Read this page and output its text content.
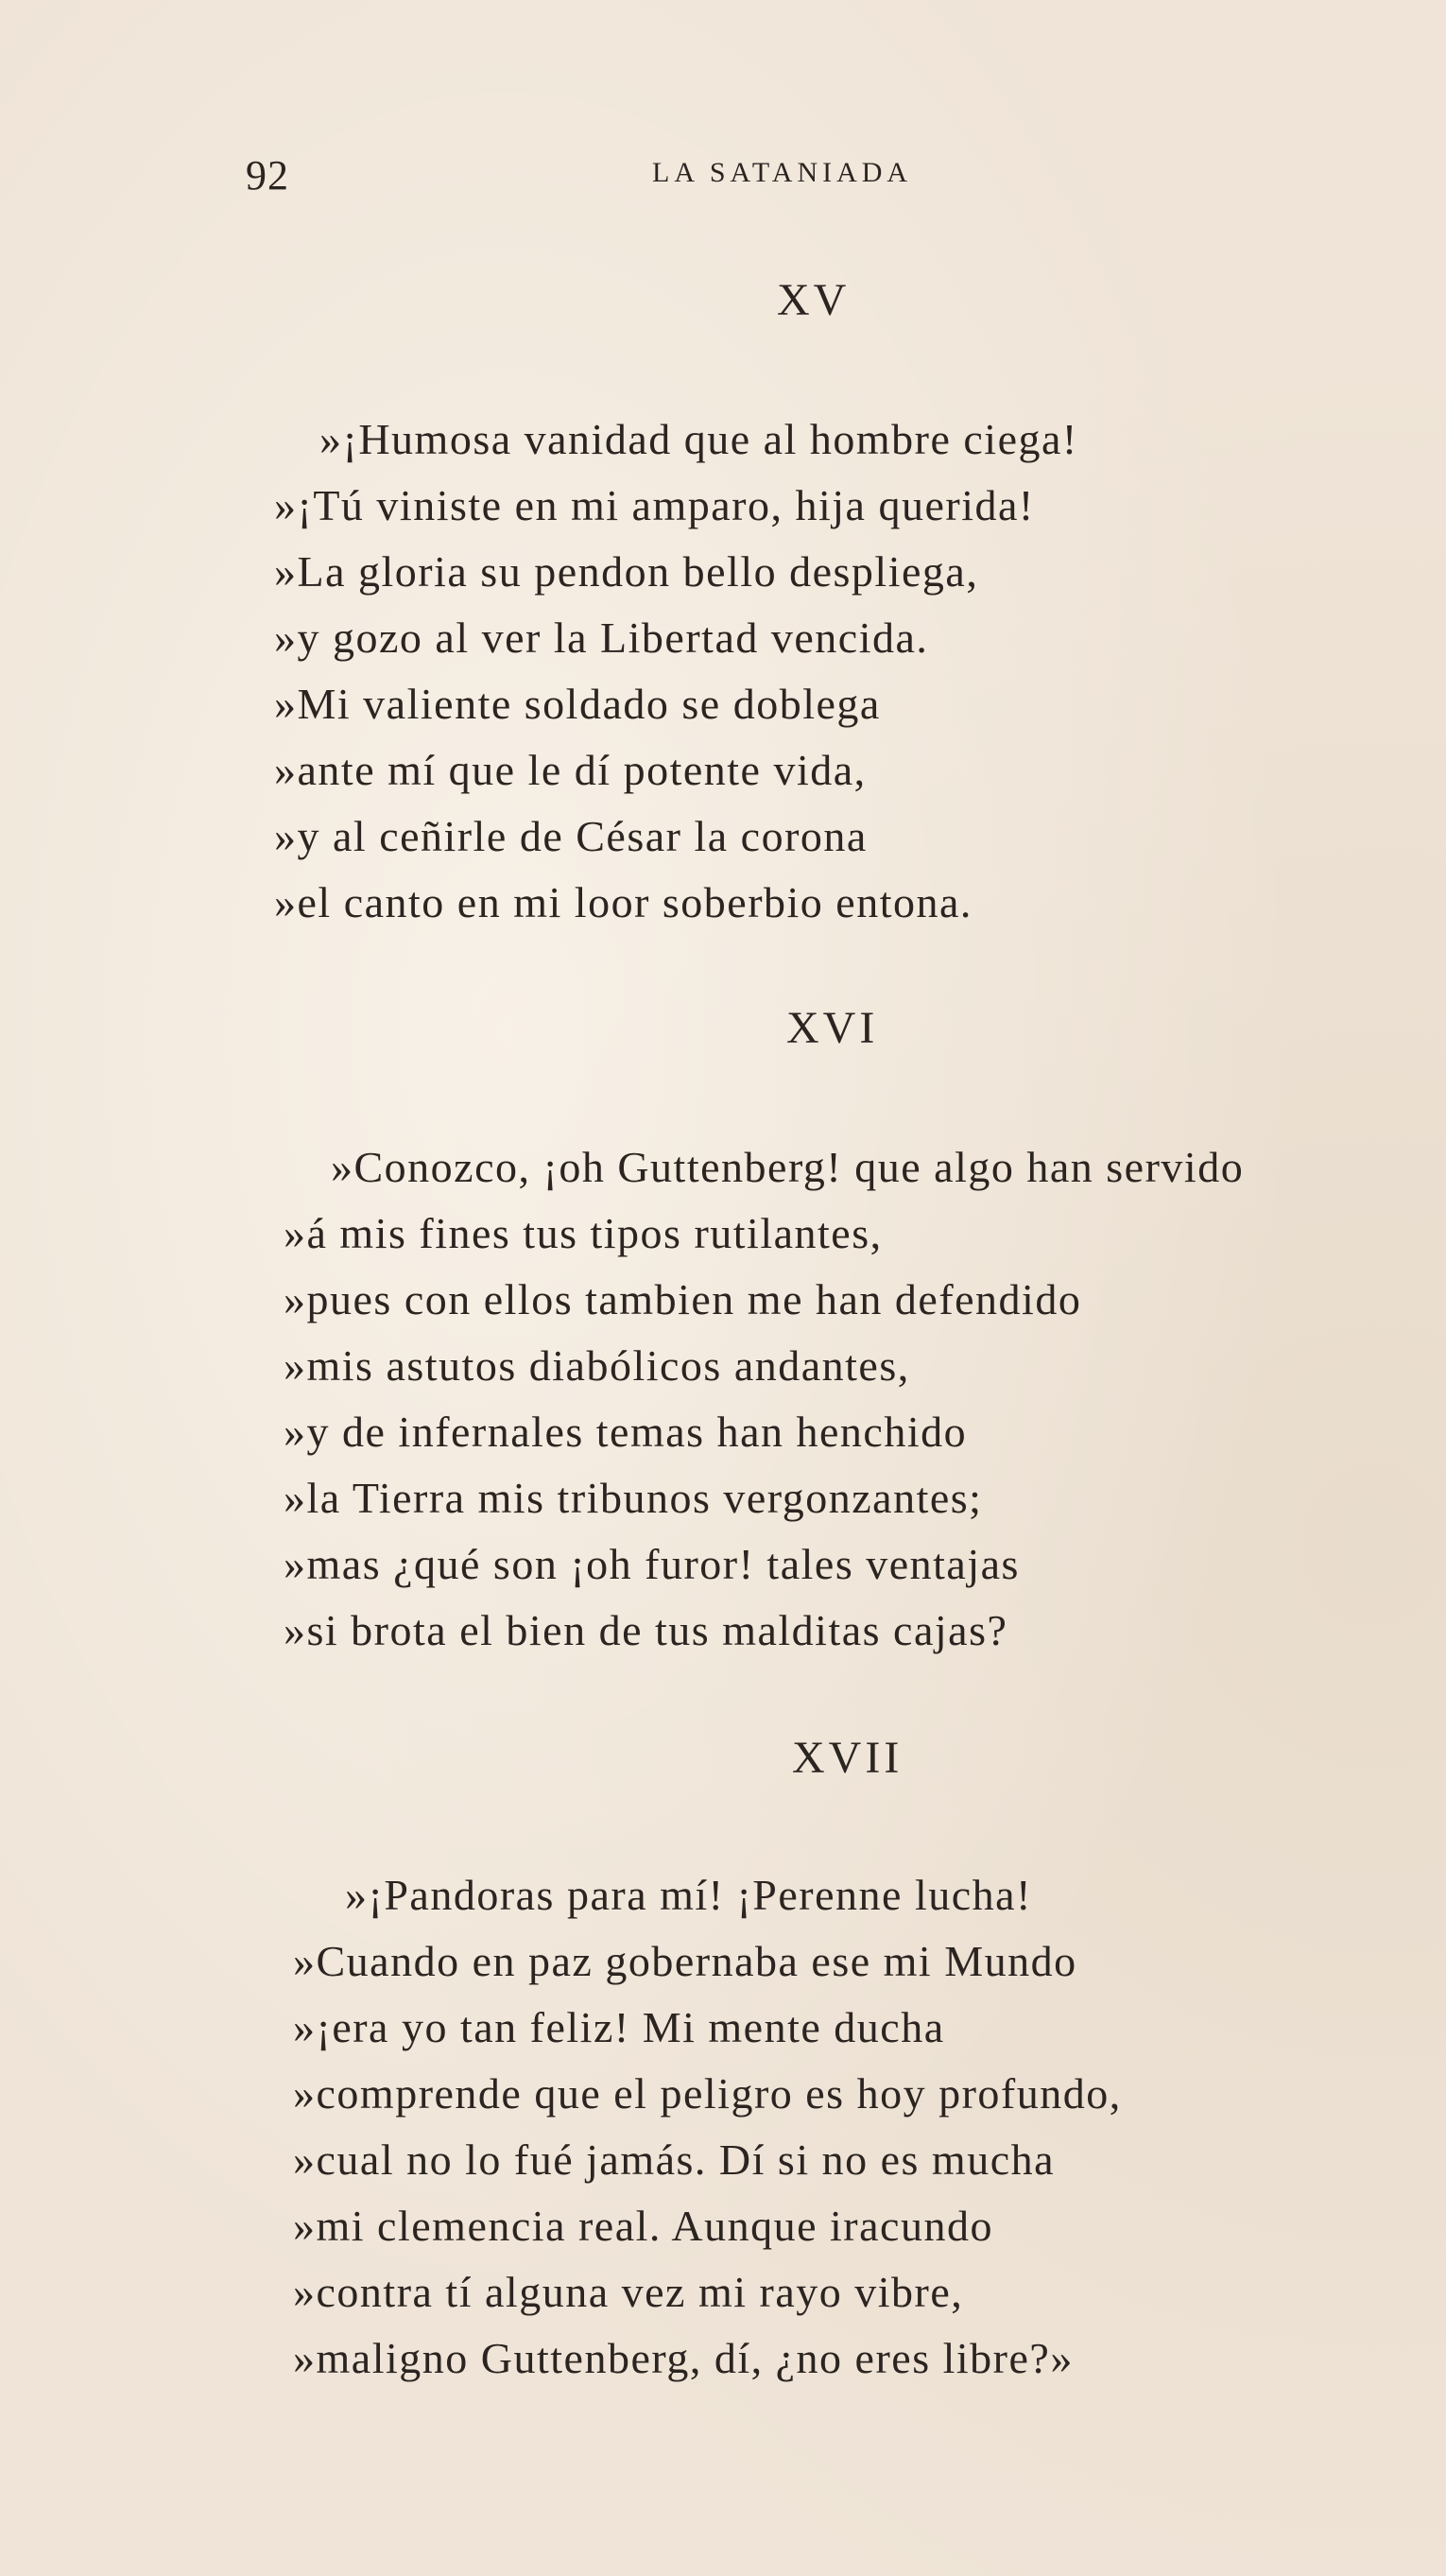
92	LA SATANIADA
XV
»¡Humosa vanidad que al hombre ciega!
»¡Tú viniste en mi amparo, hija querida!
»La gloria su pendon bello despliega,
»y gozo al ver la Libertad vencida.
»Mi valiente soldado se doblega
»ante mí que le dí potente vida,
»y al ceñirle de César la corona
»el canto en mi loor soberbio entona.
XVI
»Conozco, ¡oh Guttenberg! que algo han servido
»á mis fines tus tipos rutilantes,
»pues con ellos tambien me han defendido
»mis astutos diabólicos andantes,
»y de infernales temas han henchido
»la Tierra mis tribunos vergonzantes;
»mas ¿qué son ¡oh furor! tales ventajas
»si brota el bien de tus malditas cajas?
XVII
»¡Pandoras para mí! ¡Perenne lucha!
»Cuando en paz gobernaba ese mi Mundo
»¡era yo tan feliz! Mi mente ducha
»comprende que el peligro es hoy profundo,
»cual no lo fué jamás. Dí si no es mucha
»mi clemencia real. Aunque iracundo
»contra tí alguna vez mi rayo vibre,
»maligno Guttenberg, dí, ¿no eres libre?»
